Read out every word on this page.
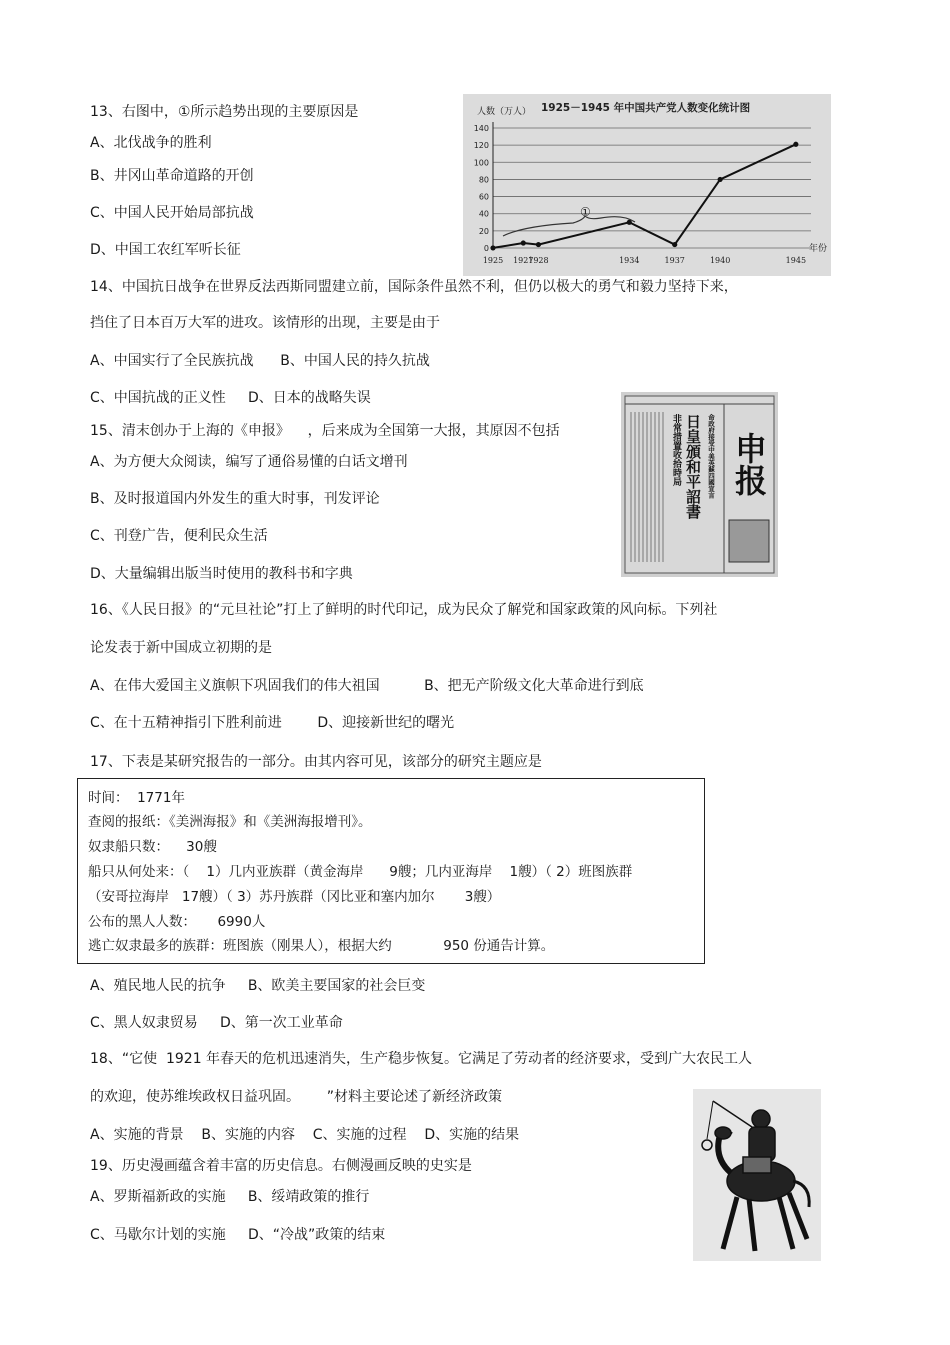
13、右图中，①所示趋势出现的主要原因是
A、北伐战争的胜利
B、井冈山革命道路的开创
C、中国人民开始局部抗战
D、中国工农红军听长征
1925－1945 年中国共产党人数变化统计图
人数（万人）
年份
0
20
40
60
80
100
120
140
1925 1927
1928	1934	1937	1940	1945
①
14、中国抗日战争在世界反法西斯同盟建立前，国际条件虽然不利，但仍以极大的勇气和毅力坚持下来，
挡住了日本百万大军的进攻。该情形的出现，主要是由于
A、中国实行了全民族抗战      B、中国人民的持久抗战
C、中国抗战的正义性     D、日本的战略失误
15、清末创办于上海的《申报》    ，后来成为全国第一大报，其原因不包括
A、为方便大众阅读，编写了通俗易懂的白话文增刊
B、及时报道国内外发生的重大时事，刊发评论
C、刊登广告，便利民众生活
D、大量编辑出版当时使用的教科书和字典
日皇頒和平詔書
非常措置收拾時局	命政府接受中美英蘇四國宣言 申报
16、《人民日报》的“元旦社论”打上了鲜明的时代印记，成为民众了解党和国家政策的风向标。下列社
论发表于新中国成立初期的是
A、在伟大爱国主义旗帜下巩固我们的伟大祖国          B、把无产阶级文化大革命进行到底
C、在十五精神指引下胜利前进        D、迎接新世纪的曙光
17、下表是某研究报告的一部分。由其内容可见，该部分的研究主题应是
时间：  1771年
查阅的报纸：《美洲海报》和《美洲海报增刊》。
奴隶船只数：    30艘
船只从何处来：（    1）几内亚族群（黄金海岸      9艘；几内亚海岸    1艘）（ 2）班图族群
（安哥拉海岸   17艘）（ 3）苏丹族群（冈比亚和塞内加尔       3艘）
公布的黑人人数：     6990人
逃亡奴隶最多的族群：班图族（刚果人），根据大约            950 份通告计算。
A、殖民地人民的抗争     B、欧美主要国家的社会巨变
C、黑人奴隶贸易     D、第一次工业革命
18、“它使  1921 年春天的危机迅速消失，生产稳步恢复。它满足了劳动者的经济要求，受到广大农民工人
的欢迎，使苏维埃政权日益巩固。      ”材料主要论述了新经济政策
A、实施的背景    B、实施的内容    C、实施的过程    D、实施的结果
19、历史漫画蕴含着丰富的历史信息。右侧漫画反映的史实是
A、罗斯福新政的实施     B、绥靖政策的推行
C、马歇尔计划的实施     D、“冷战”政策的结束
